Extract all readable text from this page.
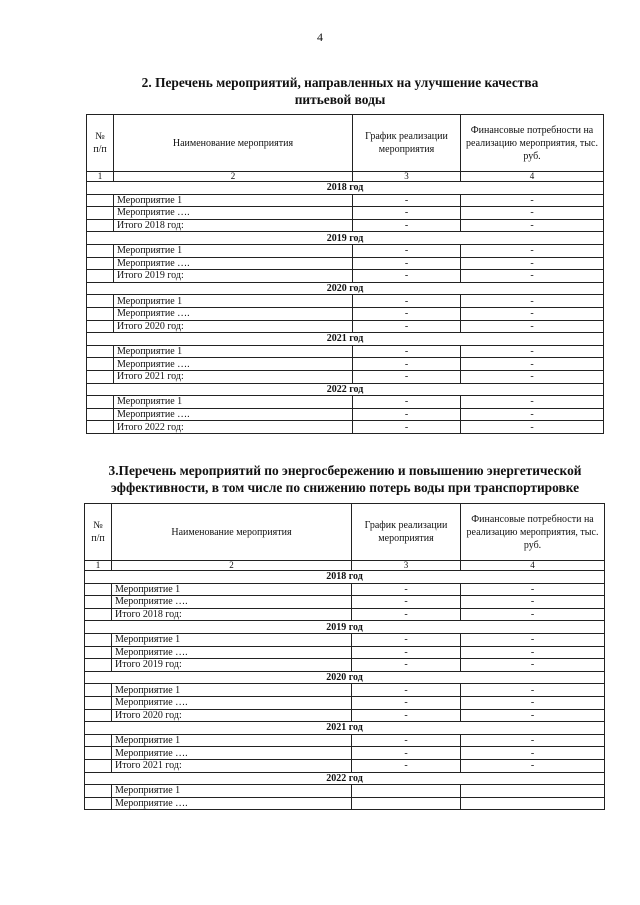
4
2. Перечень мероприятий, направленных на улучшение качества
питьевой воды
№ п/п	Наименование мероприятия	График реализации мероприятия	Финансовые потребности на реализацию мероприятия, тыс. руб.
1	2	3	4
2018 год			
	Мероприятие 1	-	-
	Мероприятие ….	-	-
	Итого 2018 год:	-	-
2019 год			
	Мероприятие 1	-	-
	Мероприятие ….	-	-
	Итого 2019 год:	-	-
2020 год			
	Мероприятие 1	-	-
	Мероприятие ….	-	-
	Итого 2020 год:	-	-
2021 год			
	Мероприятие 1	-	-
	Мероприятие ….	-	-
	Итого 2021 год:	-	-
2022 год			
	Мероприятие 1	-	-
	Мероприятие ….	-	-
	Итого 2022 год:	-	-
3.Перечень мероприятий по энергосбережению и повышению энергетической
эффективности, в том числе по снижению потерь воды при транспортировке
№ п/п	Наименование мероприятия	График реализации мероприятия	Финансовые потребности на реализацию мероприятия, тыс. руб.
1	2	3	4
2018 год			
	Мероприятие 1	-	-
	Мероприятие ….	-	-
	Итого 2018 год:	-	-
2019 год			
	Мероприятие 1	-	-
	Мероприятие ….	-	-
	Итого 2019 год:	-	-
2020 год			
	Мероприятие 1	-	-
	Мероприятие ….	-	-
	Итого 2020 год:	-	-
2021 год			
	Мероприятие 1	-	-
	Мероприятие ….	-	-
	Итого 2021 год:	-	-
2022 год			
	Мероприятие 1		
	Мероприятие ….		
